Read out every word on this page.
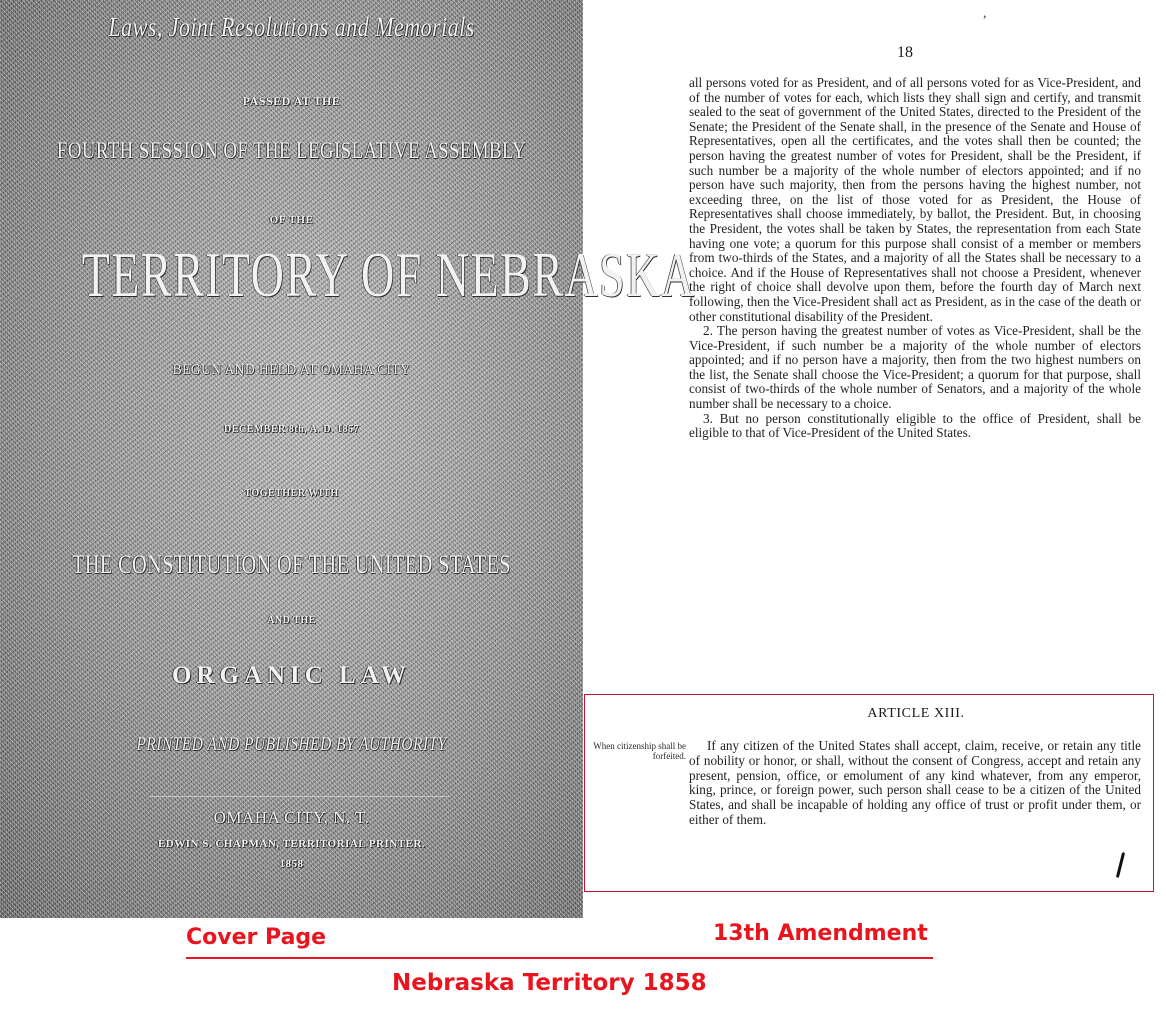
Laws, Joint Resolutions and Memorials
PASSED AT THE
FOURTH SESSION OF THE LEGISLATIVE ASSEMBLY
OF THE
TERRITORY OF NEBRASKA
BEGUN AND HELD AT OMAHA CITY
DECEMBER 8th, A. D. 1857
TOGETHER WITH
THE CONSTITUTION OF THE UNITED STATES
AND THE
ORGANIC LAW
PRINTED AND PUBLISHED BY AUTHORITY
OMAHA CITY, N. T.
EDWIN S. CHAPMAN, TERRITORIAL PRINTER.
1858
,
18

all persons voted for as President, and of all persons voted for as Vice-President, and of the number of votes for each, which lists they shall sign and certify, and transmit sealed to the seat of government of the United States, directed to the President of the Senate; the President of the Senate shall, in the presence of the Senate and House of Representatives, open all the certificates, and the votes shall then be counted; the person having the greatest number of votes for President, shall be the President, if such number be a majority of the whole number of electors appointed; and if no person have such majority, then from the persons having the highest number, not exceeding three, on the list of those voted for as President, the House of Representatives shall choose immediately, by ballot, the President. But, in choosing the President, the votes shall be taken by States, the representation from each State having one vote; a quorum for this purpose shall consist of a member or members from two-thirds of the States, and a majority of all the States shall be necessary to a choice. And if the House of Representatives shall not choose a President, whenever the right of choice shall devolve upon them, before the fourth day of March next following, then the Vice-President shall act as President, as in the case of the death or other constitutional disability of the President.

2. The person having the greatest number of votes as Vice-President, shall be the Vice-President, if such number be a majority of the whole number of electors appointed; and if no person have a majority, then from the two highest numbers on the list, the Senate shall choose the Vice-President; a quorum for that purpose, shall consist of two-thirds of the whole number of Senators, and a majority of the whole number shall be necessary to a choice.

3. But no person constitutionally eligible to the office of President, shall be eligible to that of Vice-President of the United States.

ARTICLE XIII.
When citizenship shall be forfeited.

If any citizen of the United States shall accept, claim, receive, or retain any title of nobility or honor, or shall, without the consent of Congress, accept and retain any present, pension, office, or emolument of any kind whatever, from any emperor, king, prince, or foreign power, such person shall cease to be a citizen of the United States, and shall be incapable of holding any office of trust or profit under them, or either of them.

Cover Page	13th Amendment
Nebraska Territory 1858
